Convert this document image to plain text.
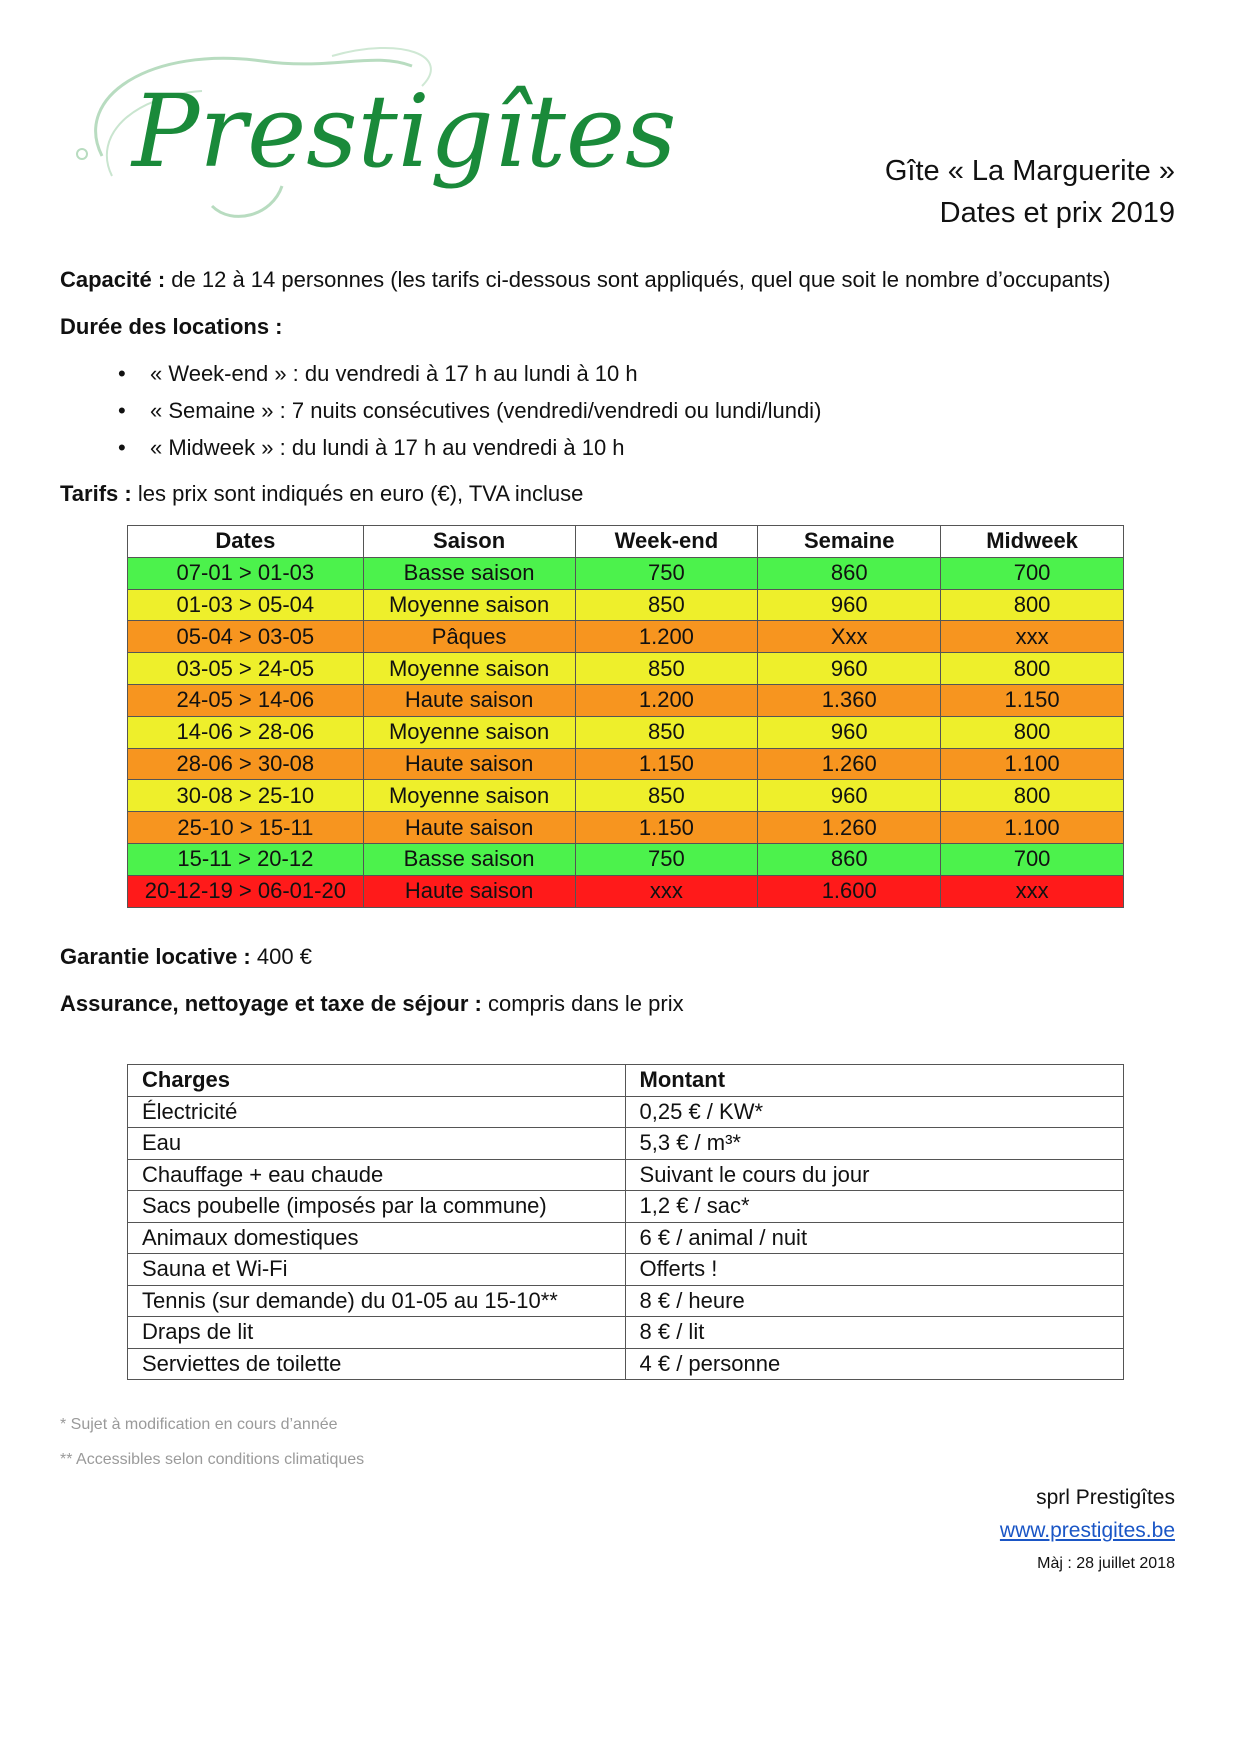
Prestigîtes	Gîte « La Marguerite »
Dates et prix 2019
Capacité : de 12 à 14 personnes (les tarifs ci-dessous sont appliqués, quel que soit le nombre d’occupants)
Durée des locations :
• « Week-end » : du vendredi à 17 h au lundi à 10 h
• « Semaine » : 7 nuits consécutives (vendredi/vendredi ou lundi/lundi)
• « Midweek » : du lundi à 17 h au vendredi à 10 h
Tarifs : les prix sont indiqués en euro (€), TVA incluse
Dates	Saison	Week-end	Semaine	Midweek
07-01 > 01-03	Basse saison	750	860	700
01-03 > 05-04	Moyenne saison	850	960	800
05-04 > 03-05	Pâques	1.200	Xxx	xxx
03-05 > 24-05	Moyenne saison	850	960	800
24-05 > 14-06	Haute saison	1.200	1.360	1.150
14-06 > 28-06	Moyenne saison	850	960	800
28-06 > 30-08	Haute saison	1.150	1.260	1.100
30-08 > 25-10	Moyenne saison	850	960	800
25-10 > 15-11	Haute saison	1.150	1.260	1.100
15-11 > 20-12	Basse saison	750	860	700
20-12-19 > 06-01-20	Haute saison	xxx	1.600	xxx
Garantie locative : 400 €
Assurance, nettoyage et taxe de séjour : compris dans le prix
Charges	Montant
Électricité	0,25 € / KW*
Eau	5,3 € / m³*
Chauffage + eau chaude	Suivant le cours du jour
Sacs poubelle (imposés par la commune)	1,2 € / sac*
Animaux domestiques	6 € / animal / nuit
Sauna et Wi-Fi	Offerts !
Tennis (sur demande) du 01-05 au 15-10**	8 € / heure
Draps de lit	8 € / lit
Serviettes de toilette	4 € / personne
* Sujet à modification en cours d’année
** Accessibles selon conditions climatiques
sprl Prestigîtes
www.prestigites.be
Màj : 28 juillet 2018
